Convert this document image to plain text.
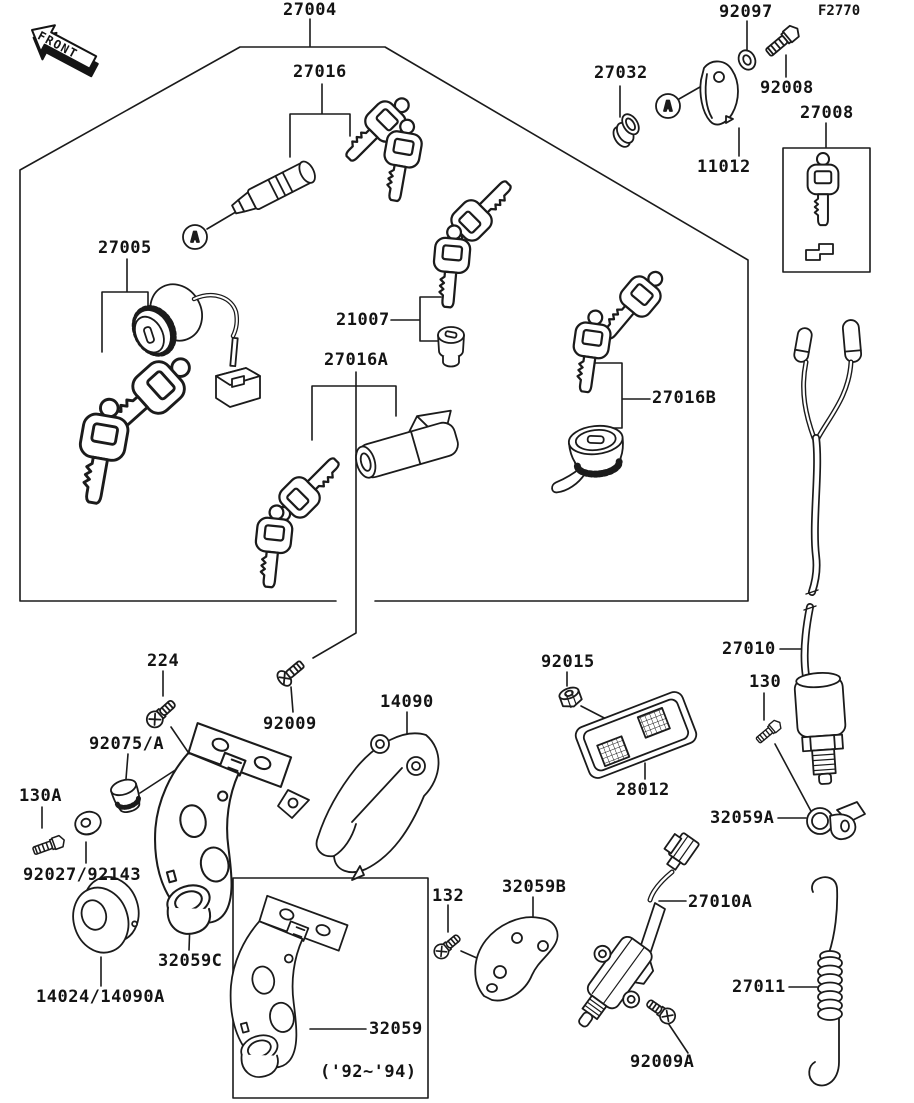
FRONT
A
A
F2770
27004	92097
27016	27032
92008
27008
11012
27005
21007
27016A
27016B
27010
92015
224
130
14090
92009
92075/A
28012
130A
32059A
92027/92143
32059B
132	27010A
32059C
27011
14024/14090A
32059
92009A
('92~'94)
